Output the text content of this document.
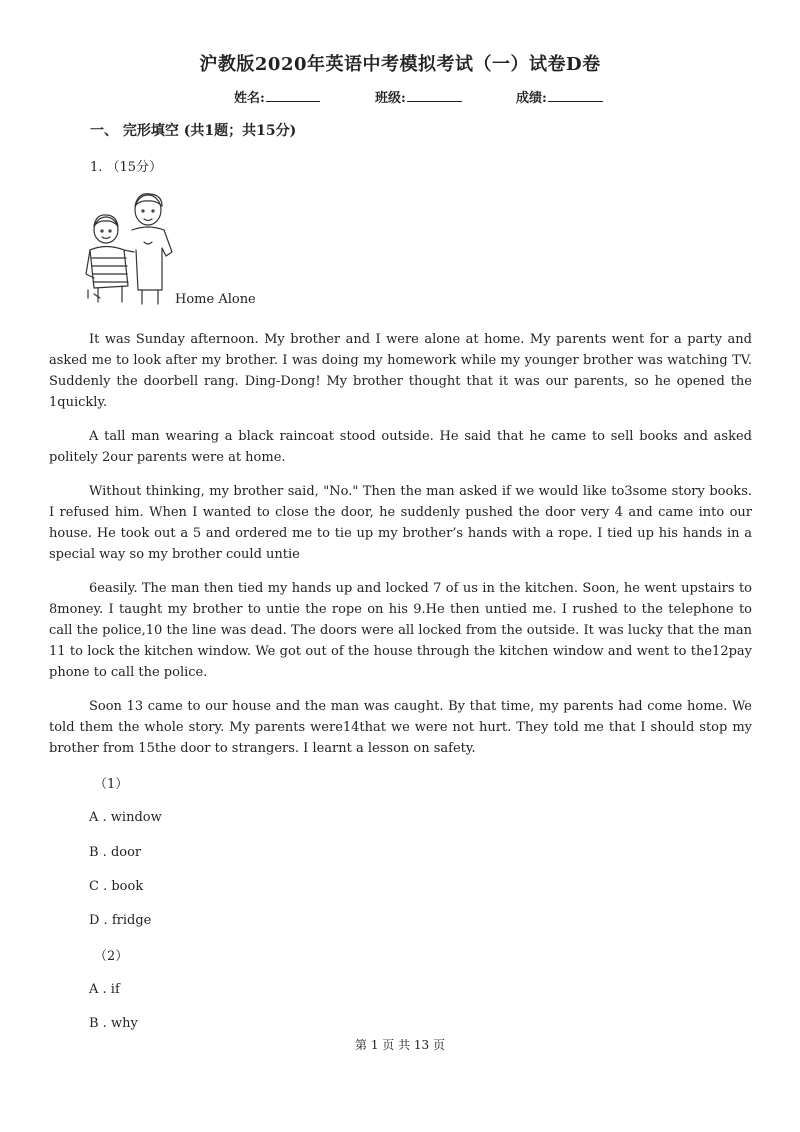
沪教版2020年英语中考模拟考试（一）试卷D卷
姓名:	班级:	成绩:
一、 完形填空 (共1题；共15分)
1. （15分）
Home Alone

It was Sunday afternoon. My brother and I were alone at home. My parents went for a party and asked me to look after my brother. I was doing my homework while my younger brother was watching TV. Suddenly the doorbell rang. Ding-Dong! My brother thought that it was our parents, so he opened the 1quickly.

A tall man wearing a black raincoat stood outside. He said that he came to sell books and asked politely 2our parents were at home.

Without thinking, my brother said, "No." Then the man asked if we would like to3some story books. I refused him. When I wanted to close the door, he suddenly pushed the door very 4 and came into our house. He took out a 5 and ordered me to tie up my brother’s hands with a rope. I tied up his hands in a special way so my brother could untie

6easily. The man then tied my hands up and locked 7 of us in the kitchen. Soon, he went upstairs to 8money. I taught my brother to untie the rope on his 9.He then untied me. I rushed to the telephone to call the police,10 the line was dead. The doors were all locked from the outside. It was lucky that the man 11 to lock the kitchen window. We got out of the house through the kitchen window and went to the12pay phone to call the police.

Soon 13 came to our house and the man was caught. By that time, my parents had come home. We told them the whole story. My parents were14that we were not hurt. They told me that I should stop my brother from 15the door to strangers. I learnt a lesson on safety.

（1）
A . window
B . door
C . book
D . fridge
（2）
A . if
B . why
第 1 页 共 13 页
